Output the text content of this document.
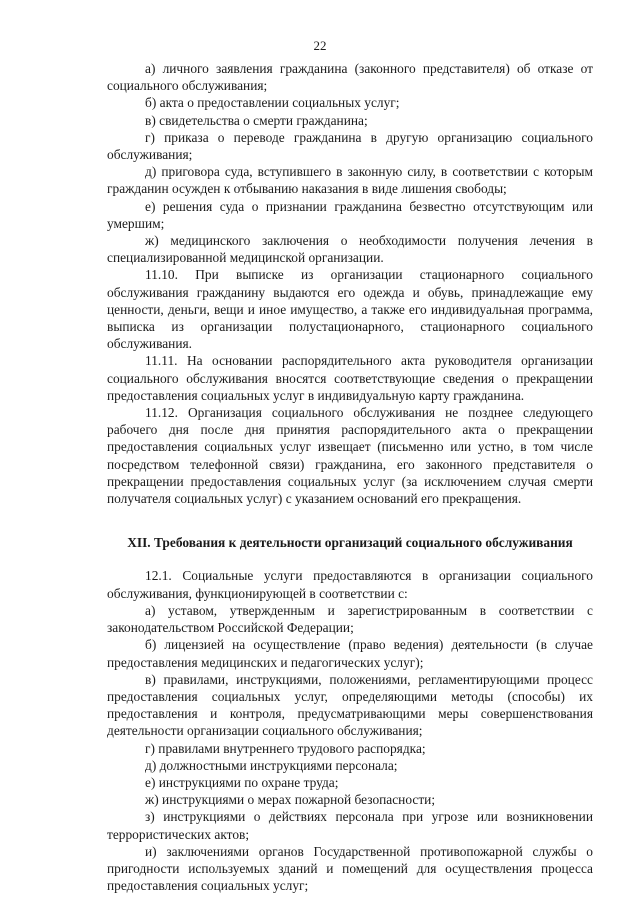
22

а) личного заявления гражданина (законного представителя) об отказе от социального обслуживания;

б) акта о предоставлении социальных услуг;

в) свидетельства о смерти гражданина;

г) приказа о переводе гражданина в другую организацию социального обслуживания;

д) приговора суда, вступившего в законную силу, в соответствии с которым гражданин осужден к отбыванию наказания в виде лишения свободы;

е) решения суда о признании гражданина безвестно отсутствующим или умершим;

ж) медицинского заключения о необходимости получения лечения в специализированной медицинской организации.

11.10. При выписке из организации стационарного социального обслуживания гражданину выдаются его одежда и обувь, принадлежащие ему ценности, деньги, вещи и иное имущество, а также его индивидуальная программа, выписка из организации полустационарного, стационарного социального обслуживания.

11.11. На основании распорядительного акта руководителя организации социального обслуживания вносятся соответствующие сведения о прекращении предоставления социальных услуг в индивидуальную карту гражданина.

11.12. Организация социального обслуживания не позднее следующего рабочего дня после дня принятия распорядительного акта о прекращении предоставления социальных услуг извещает (письменно или устно, в том числе посредством телефонной связи) гражданина, его законного представителя о прекращении предоставления социальных услуг (за исключением случая смерти получателя социальных услуг) с указанием оснований его прекращения.

XII. Требования к деятельности организаций социального обслуживания

12.1. Социальные услуги предоставляются в организации социального обслуживания, функционирующей в соответствии с:

а) уставом, утвержденным и зарегистрированным в соответствии с законодательством Российской Федерации;

б) лицензией на осуществление (право ведения) деятельности (в случае предоставления медицинских и педагогических услуг);

в) правилами, инструкциями, положениями, регламентирующими процесс предоставления социальных услуг, определяющими методы (способы) их предоставления и контроля, предусматривающими меры совершенствования деятельности организации социального обслуживания;

г) правилами внутреннего трудового распорядка;

д) должностными инструкциями персонала;

е) инструкциями по охране труда;

ж) инструкциями о мерах пожарной безопасности;

з) инструкциями о действиях персонала при угрозе или возникновении террористических актов;

и) заключениями органов Государственной противопожарной службы о пригодности используемых зданий и помещений для осуществления процесса предоставления социальных услуг;
